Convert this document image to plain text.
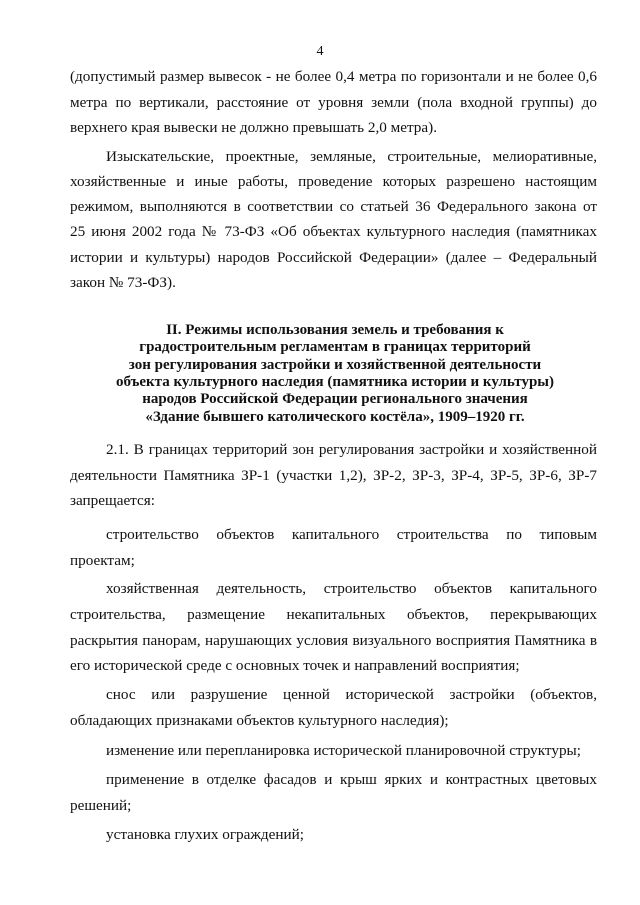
4
(допустимый размер вывесок - не более 0,4 метра по горизонтали и не более 0,6
метра по вертикали, расстояние от уровня земли (пола входной группы) до
верхнего края вывески не должно превышать 2,0 метра).
Изыскательские, проектные, земляные, строительные, мелиоративные,
хозяйственные и иные работы, проведение которых разрешено настоящим
режимом, выполняются в соответствии со статьей 36 Федерального закона от
25 июня 2002 года № 73-ФЗ «Об объектах культурного наследия (памятниках
истории и культуры) народов Российской Федерации» (далее – Федеральный
закон № 73-ФЗ).
II. Режимы использования земель и требования к
градостроительным регламентам в границах территорий
зон регулирования застройки и хозяйственной деятельности
объекта культурного наследия (памятника истории и культуры)
народов Российской Федерации регионального значения
«Здание бывшего католического костёла», 1909–1920 гг.
2.1. В границах территорий зон регулирования застройки и хозяйственной
деятельности Памятника ЗР-1 (участки 1,2), ЗР-2, ЗР-3, ЗР-4, ЗР-5, ЗР-6, ЗР-7
запрещается:
строительство объектов капитального строительства по типовым
проектам;
хозяйственная деятельность, строительство объектов капитального
строительства, размещение некапитальных объектов, перекрывающих
раскрытия панорам, нарушающих условия визуального восприятия Памятника в
его исторической среде с основных точек и направлений восприятия;
снос или разрушение ценной исторической застройки (объектов,
обладающих признаками объектов культурного наследия);
изменение или перепланировка исторической планировочной структуры;
применение в отделке фасадов и крыш ярких и контрастных цветовых
решений;
установка глухих ограждений;
